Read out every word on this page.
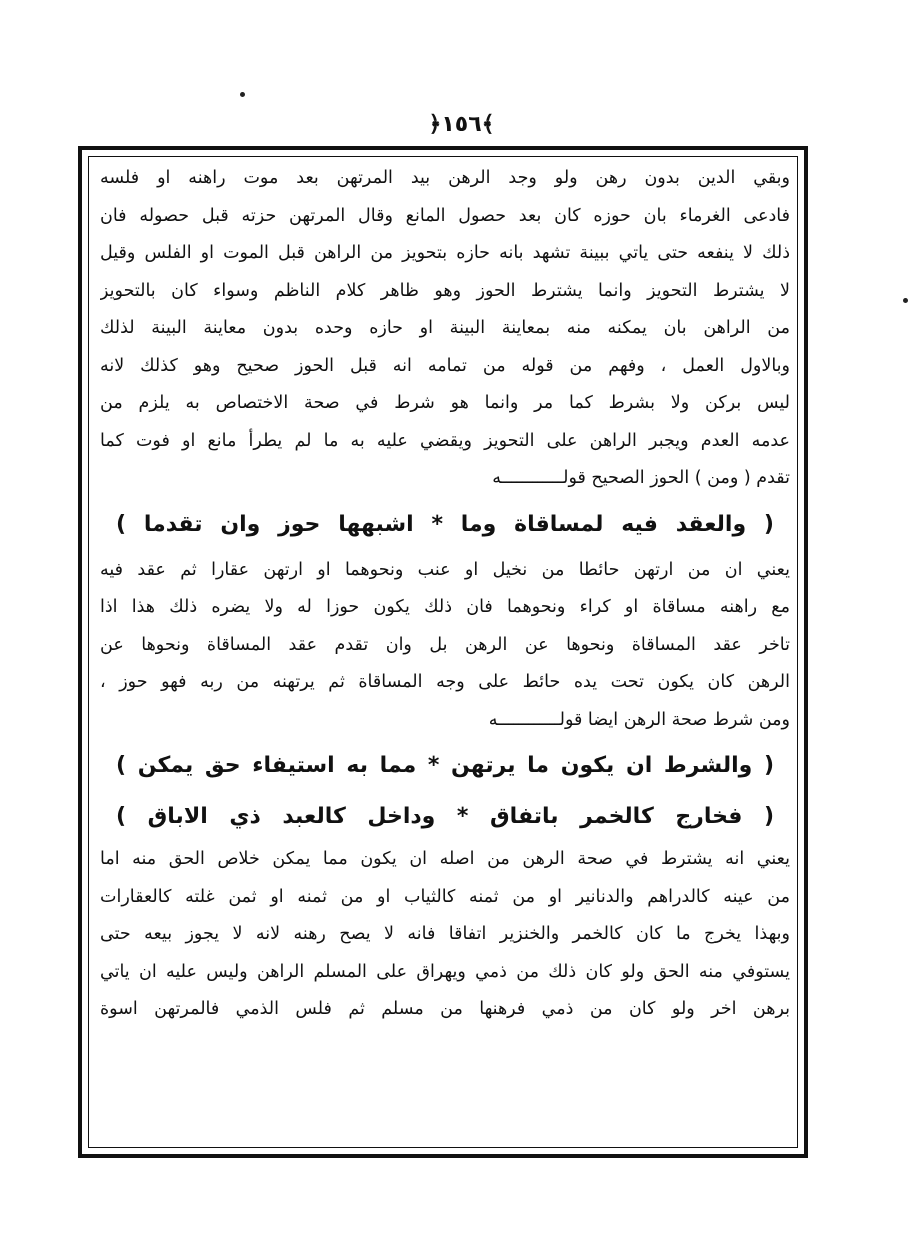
﴾١٥٦﴿
وبقي الدين بدون رهن ولو وجد الرهن بيد المرتهن بعد موت راهنه او فلسه
فادعى الغرماء بان حوزه كان بعد حصول المانع وقال المرتهن حزته قبل حصوله فان
ذلك لا ينفعه حتى ياتي ببينة تشهد بانه حازه بتحويز من الراهن قبل الموت او الفلس وقيل
لا يشترط التحويز وانما يشترط الحوز وهو ظاهر كلام الناظم وسواء كان بالتحويز
من الراهن بان يمكنه منه بمعاينة البينة او حازه وحده بدون معاينة البينة لذلك
وبالاول العمل ، وفهم من قوله من تمامه انه قبل الحوز صحيح وهو كذلك لانه
ليس بركن ولا بشرط كما مر وانما هو شرط في صحة الاختصاص به يلزم من
عدمه العدم ويجبر الراهن على التحويز ويقضي عليه به ما لم يطرأ مانع او فوت كما
تقدم ( ومن ) الحوز الصحيح قولــــــــــــه
( والعقد فيه لمساقاة وما * اشبهها حوز وان تقدما )
يعني ان من ارتهن حائطا من نخيل او عنب ونحوهما او ارتهن عقارا ثم عقد فيه
مع راهنه مساقاة او كراء ونحوهما فان ذلك يكون حوزا له ولا يضره ذلك هذا اذا
تاخر عقد المساقاة ونحوها عن الرهن بل وان تقدم عقد المساقاة ونحوها عن
الرهن كان يكون تحت يده حائط على وجه المساقاة ثم يرتهنه من ربه فهو حوز ،
ومن شرط صحة الرهن ايضا قولــــــــــــه
( والشرط ان يكون ما يرتهن * مما به استيفاء حق يمكن )
( فخارج كالخمر باتفاق * وداخل كالعبد ذي الاباق )
يعني انه يشترط في صحة الرهن من اصله ان يكون مما يمكن خلاص الحق منه اما
من عينه كالدراهم والدنانير او من ثمنه كالثياب او من ثمنه او ثمن غلته كالعقارات
وبهذا يخرج ما كان كالخمر والخنزير اتفاقا فانه لا يصح رهنه لانه لا يجوز بيعه حتى
يستوفي منه الحق ولو كان ذلك من ذمي ويهراق على المسلم الراهن وليس عليه ان ياتي
برهن اخر ولو كان من ذمي فرهنها من مسلم ثم فلس الذمي فالمرتهن اسوة
